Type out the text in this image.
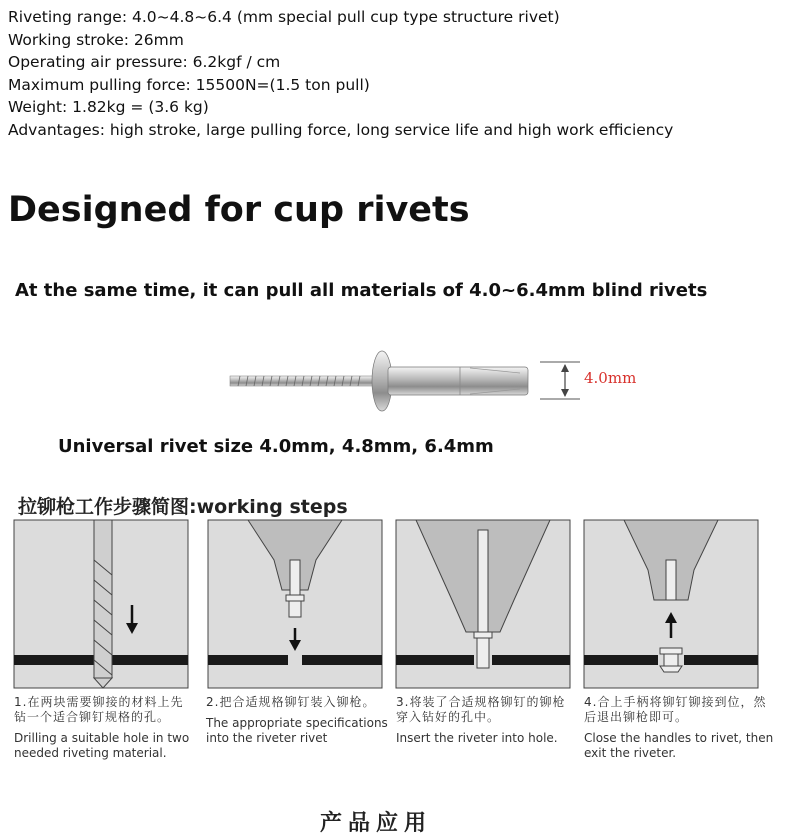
Riveting range: 4.0~4.8~6.4 (mm special pull cup type structure rivet)
Working stroke: 26mm
Operating air pressure: 6.2kgf / cm
Maximum pulling force: 15500N=(1.5 ton pull)
Weight: 1.82kg = (3.6 kg)
Advantages: high stroke, large pulling force, long service life and high work efficiency
Designed for cup rivets
At the same time, it can pull all materials of 4.0~6.4mm blind rivets
4.0mm
Universal rivet size 4.0mm, 4.8mm, 6.4mm
拉铆枪工作步骤简图:working steps
1.在两块需要铆接的材料上先钻一个适合铆钉规格的孔。
Drilling a suitable hole in two needed riveting material.
2.把合适规格铆钉装入铆枪。
The appropriate specifications into the riveter rivet
3.将装了合适规格铆钉的铆枪穿入钻好的孔中。
Insert the riveter into hole.
4.合上手柄将铆钉铆接到位，然后退出铆枪即可。
Close the handles to rivet, then exit the riveter.
产品应用
